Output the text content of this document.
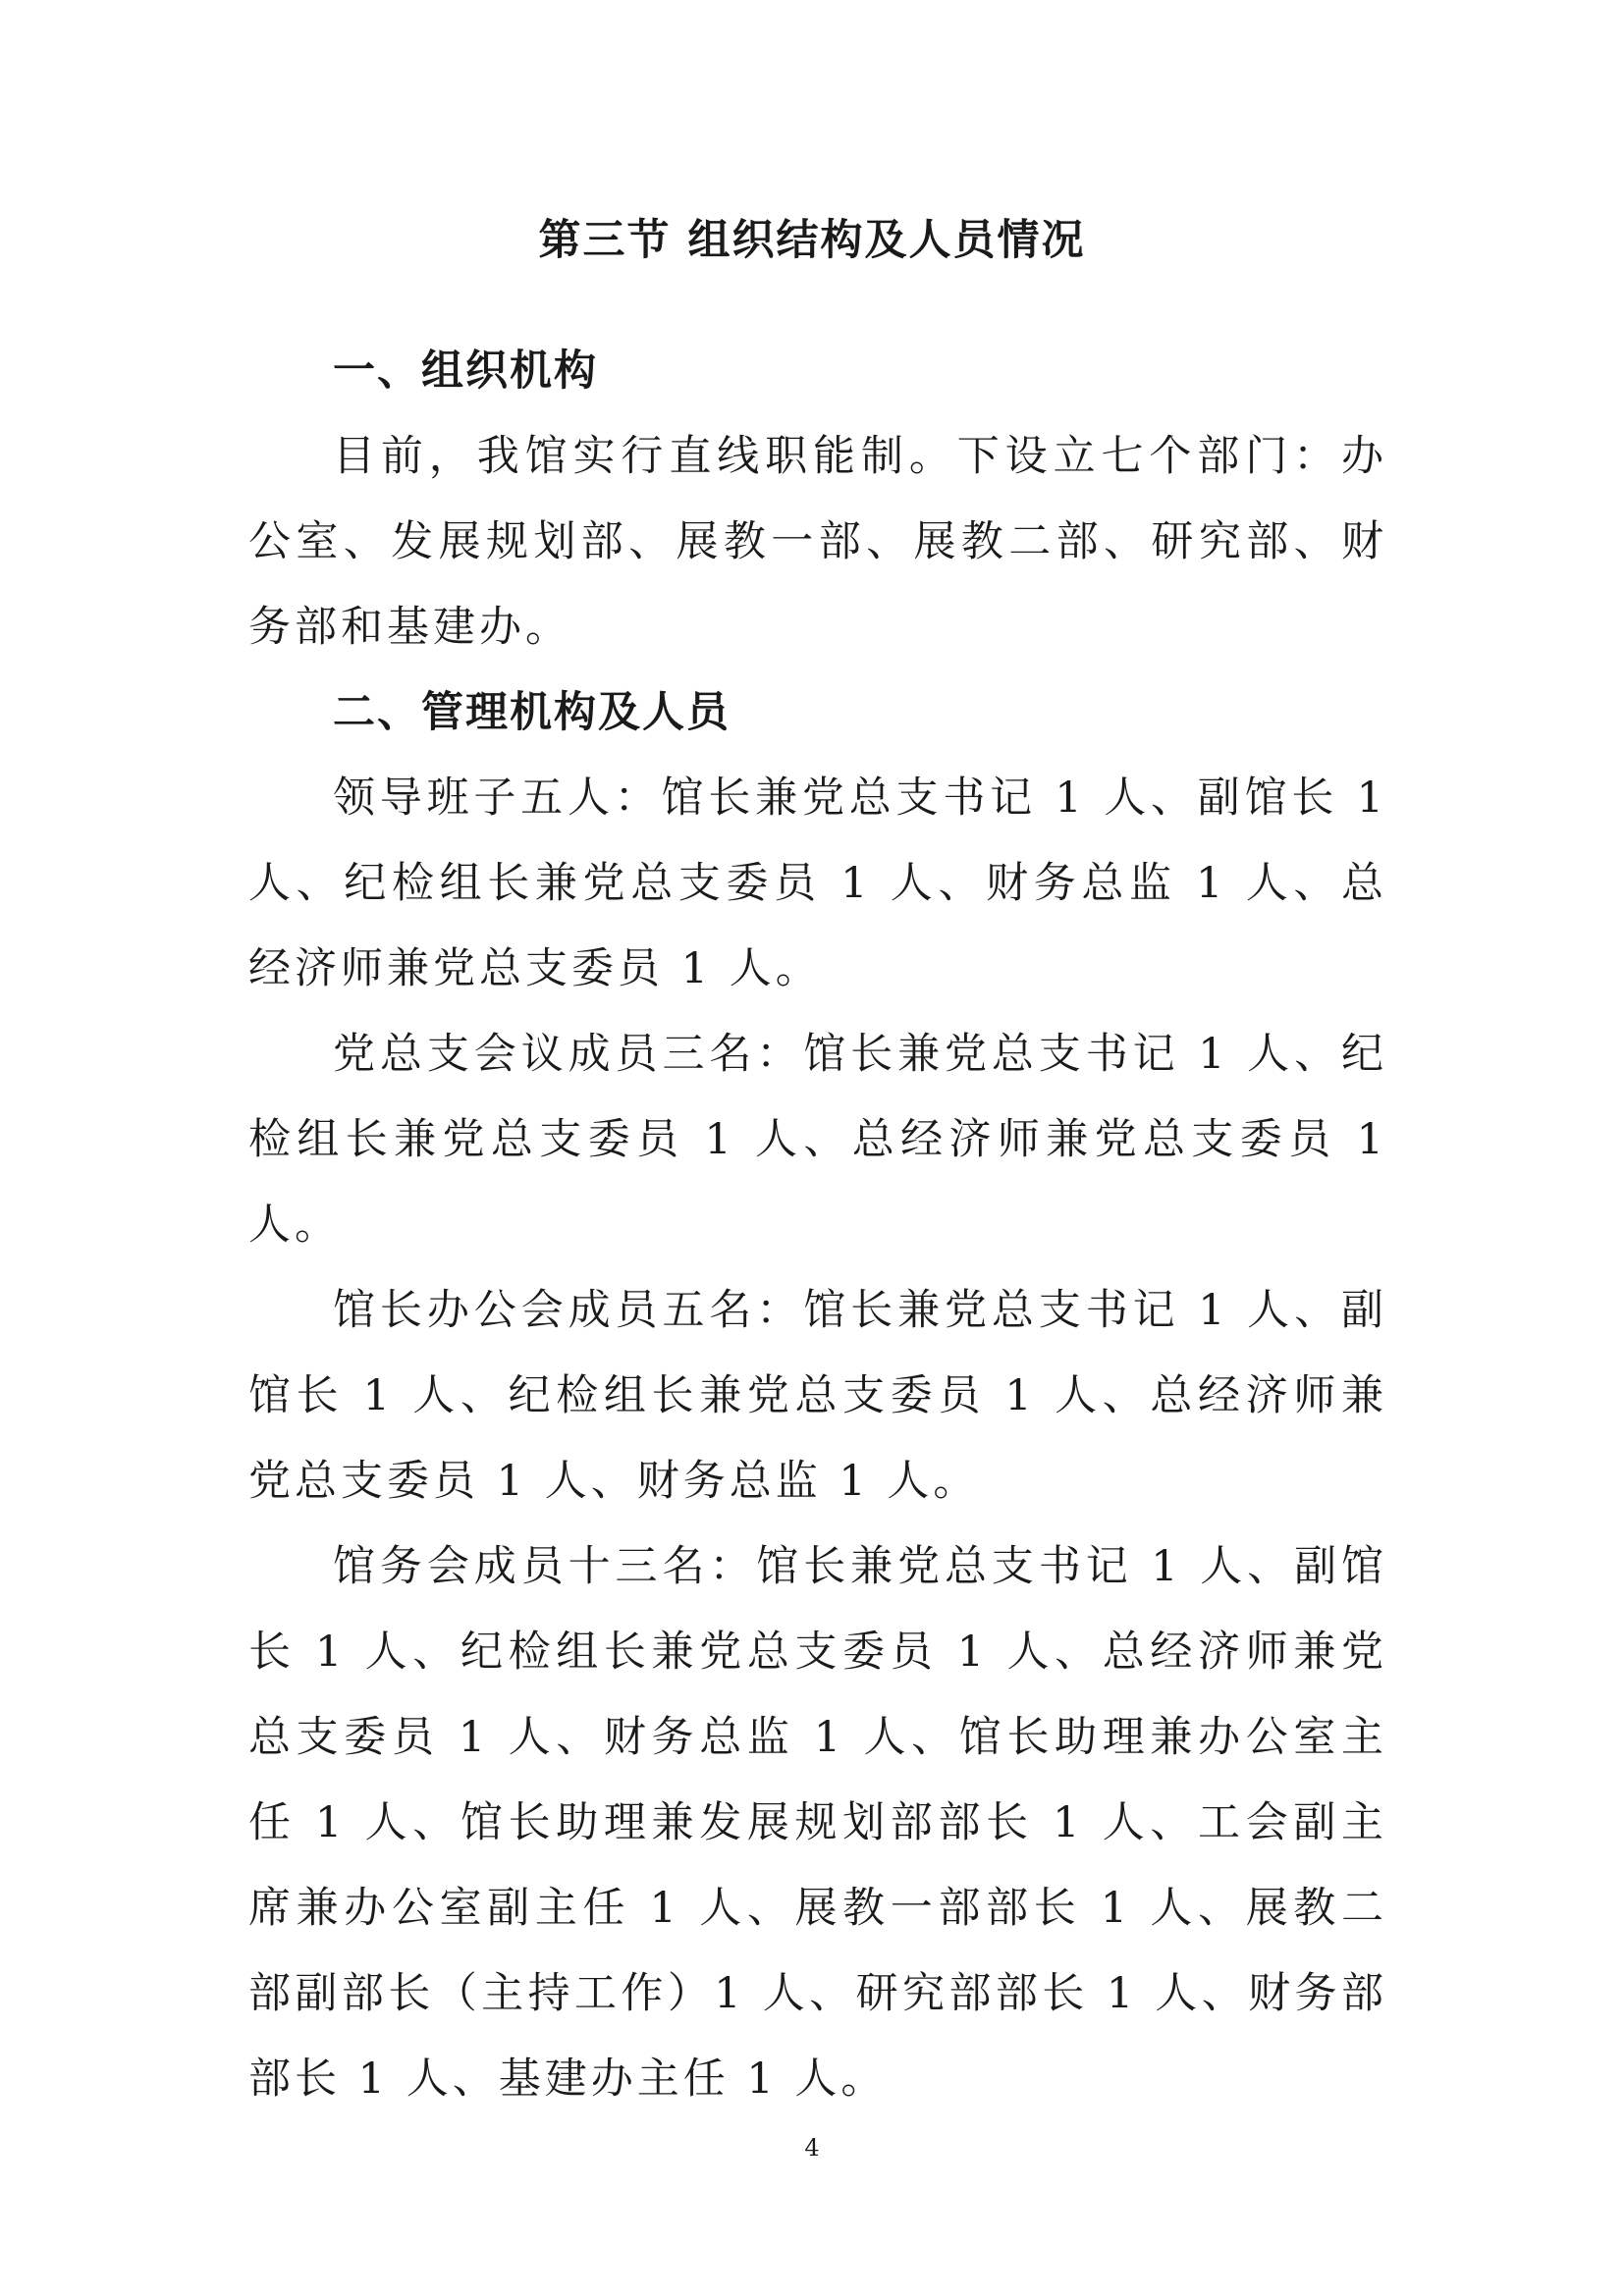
第三节 组织结构及人员情况
一、组织机构

目前，我馆实行直线职能制。下设立七个部门：办公室、发展规划部、展教一部、展教二部、研究部、财务部和基建办。

二、管理机构及人员

领导班子五人：馆长兼党总支书记 1 人、副馆长 1 人、纪检组长兼党总支委员 1 人、财务总监 1 人、总经济师兼党总支委员 1 人。

党总支会议成员三名：馆长兼党总支书记 1 人、纪检组长兼党总支委员 1 人、总经济师兼党总支委员 1 人。

馆长办公会成员五名：馆长兼党总支书记 1 人、副馆长 1 人、纪检组长兼党总支委员 1 人、总经济师兼党总支委员 1 人、财务总监 1 人。

馆务会成员十三名：馆长兼党总支书记 1 人、副馆长 1 人、纪检组长兼党总支委员 1 人、总经济师兼党总支委员 1 人、财务总监 1 人、馆长助理兼办公室主任 1 人、馆长助理兼发展规划部部长 1 人、工会副主席兼办公室副主任 1 人、展教一部部长 1 人、展教二部副部长（主持工作）1 人、研究部部长 1 人、财务部部长 1 人、基建办主任 1 人。

4
